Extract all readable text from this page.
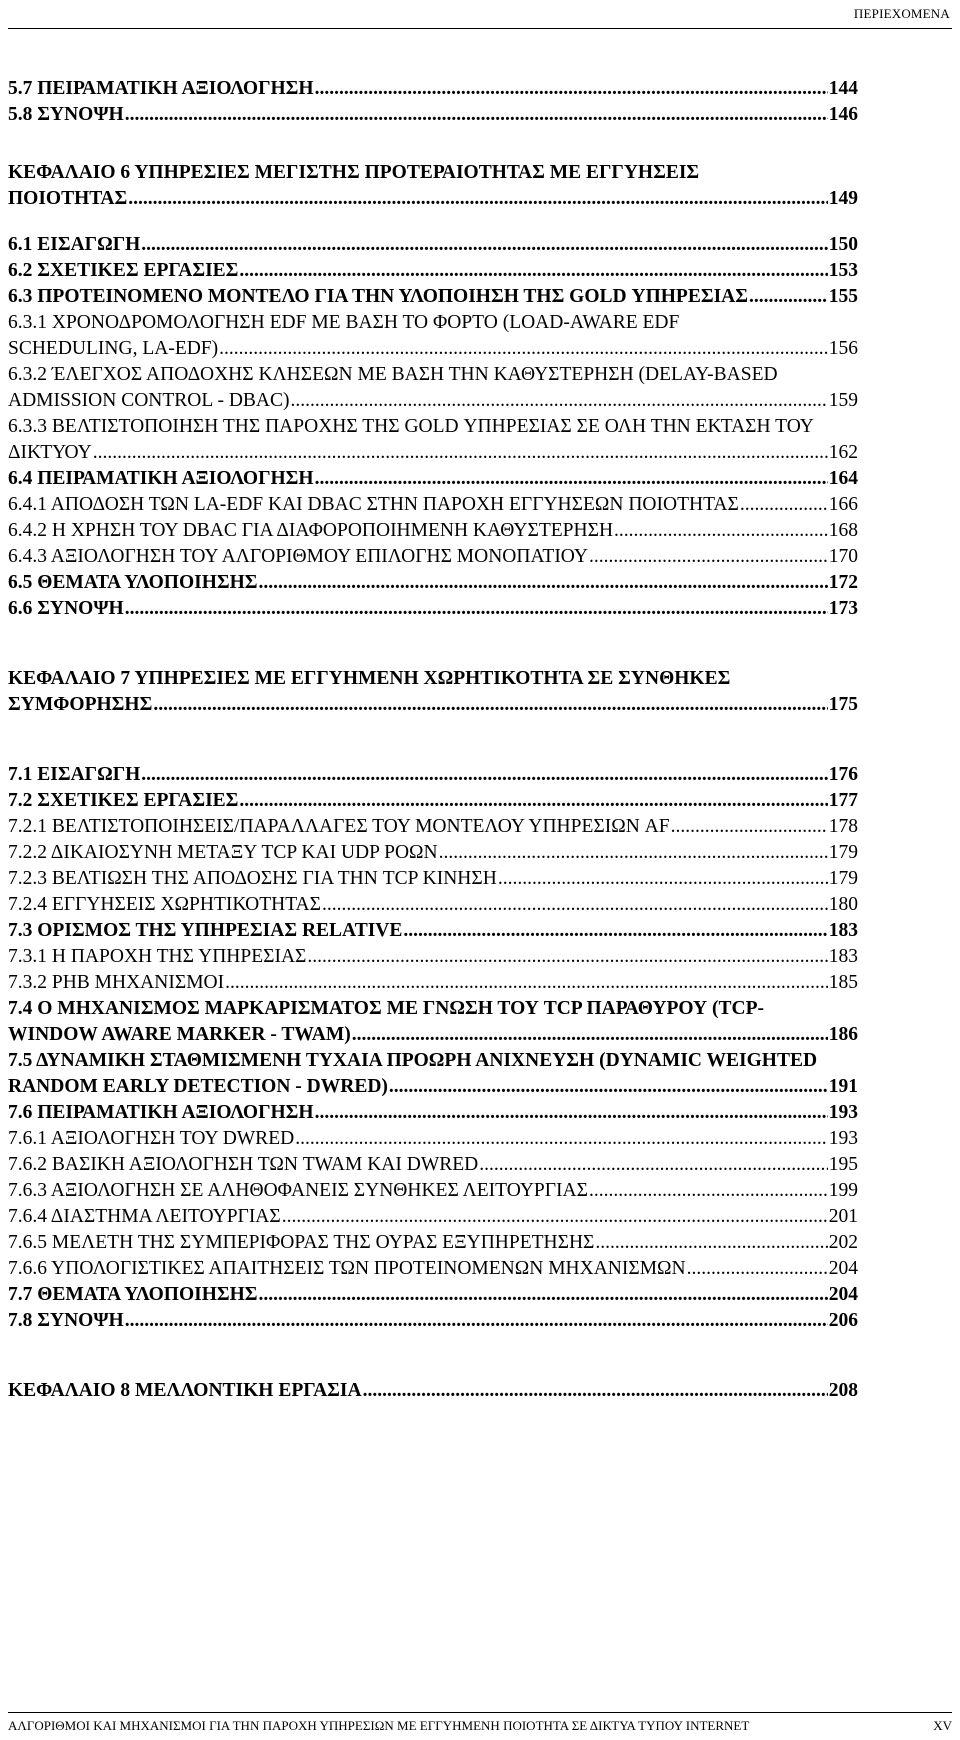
ΠΕΡΙΕΧΟΜΕΝΑ
5.7 ΠΕΙΡΑΜΑΤΙΚΗ ΑΞΙΟΛΟΓΗΣΗ .....	144
5.8 ΣΥΝΟΨΗ .....	146
ΚΕΦΑΛΑΙΟ 6 ΥΠΗΡΕΣΙΕΣ ΜΕΓΙΣΤΗΣ ΠΡΟΤΕΡΑΙΟΤΗΤΑΣ ΜΕ ΕΓΓΥΗΣΕΙΣ
ΠΟΙΟΤΗΤΑΣ .....	149
6.1 ΕΙΣΑΓΩΓΗ .....	150
6.2 ΣΧΕΤΙΚΕΣ ΕΡΓΑΣΙΕΣ .....	153
6.3 ΠΡΟΤΕΙΝΟΜΕΝΟ ΜΟΝΤΕΛΟ ΓΙΑ ΤΗΝ ΥΛΟΠΟΙΗΣΗ ΤΗΣ GOLD ΥΠΗΡΕΣΙΑΣ .....	155
6.3.1 ΧΡΟΝΟΔΡΟΜΟΛΟΓΗΣΗ EDF ΜΕ ΒΑΣΗ ΤΟ ΦΟΡΤΟ (LOAD-AWARE EDF
SCHEDULING, LA-EDF) .....	156
6.3.2 ΈΛΕΓΧΟΣ ΑΠΟΔΟΧΗΣ ΚΛΗΣΕΩΝ ΜΕ ΒΑΣΗ ΤΗΝ ΚΑΘΥΣΤΕΡΗΣΗ (DELAY-BASED
ADMISSION CONTROL - DBAC) .....	159
6.3.3 ΒΕΛΤΙΣΤΟΠΟΙΗΣΗ ΤΗΣ ΠΑΡΟΧΗΣ ΤΗΣ GOLD ΥΠΗΡΕΣΙΑΣ ΣΕ ΟΛΗ ΤΗΝ ΕΚΤΑΣΗ ΤΟΥ
ΔΙΚΤΥΟΥ .....	162
6.4 ΠΕΙΡΑΜΑΤΙΚΗ ΑΞΙΟΛΟΓΗΣΗ .....	164
6.4.1 ΑΠΟΔΟΣΗ ΤΩΝ LA-EDF ΚΑΙ DBAC ΣΤΗΝ ΠΑΡΟΧΗ ΕΓΓΥΗΣΕΩΝ ΠΟΙΟΤΗΤΑΣ .....	166
6.4.2 Η ΧΡΗΣΗ ΤΟΥ DBAC ΓΙΑ ΔΙΑΦΟΡΟΠΟΙΗΜΕΝΗ ΚΑΘΥΣΤΕΡΗΣΗ .....	168
6.4.3 ΑΞΙΟΛΟΓΗΣΗ ΤΟΥ ΑΛΓΟΡΙΘΜΟΥ ΕΠΙΛΟΓΗΣ ΜΟΝΟΠΑΤΙΟΥ .....	170
6.5 ΘΕΜΑΤΑ ΥΛΟΠΟΙΗΣΗΣ .....	172
6.6 ΣΥΝΟΨΗ .....	173
ΚΕΦΑΛΑΙΟ 7 ΥΠΗΡΕΣΙΕΣ ΜΕ ΕΓΓΥΗΜΕΝΗ ΧΩΡΗΤΙΚΟΤΗΤΑ ΣΕ ΣΥΝΘΗΚΕΣ
ΣΥΜΦΟΡΗΣΗΣ .....	175
7.1 ΕΙΣΑΓΩΓΗ .....	176
7.2 ΣΧΕΤΙΚΕΣ ΕΡΓΑΣΙΕΣ .....	177
7.2.1 ΒΕΛΤΙΣΤΟΠΟΙΗΣΕΙΣ/ΠΑΡΑΛΛΑΓΕΣ ΤΟΥ ΜΟΝΤΕΛΟΥ ΥΠΗΡΕΣΙΩΝ AF .....	178
7.2.2 ΔΙΚΑΙΟΣΥΝΗ ΜΕΤΑΞΥ TCP ΚΑΙ UDP ΡΟΩΝ .....	179
7.2.3 ΒΕΛΤΙΩΣΗ ΤΗΣ ΑΠΟΔΟΣΗΣ ΓΙΑ ΤΗΝ TCP ΚΙΝΗΣΗ .....	179
7.2.4 ΕΓΓΥΗΣΕΙΣ ΧΩΡΗΤΙΚΟΤΗΤΑΣ .....	180
7.3 ΟΡΙΣΜΟΣ ΤΗΣ ΥΠΗΡΕΣΙΑΣ RELATIVE .....	183
7.3.1 Η ΠΑΡΟΧΗ ΤΗΣ ΥΠΗΡΕΣΙΑΣ .....	183
7.3.2 PHB ΜΗΧΑΝΙΣΜΟΙ .....	185
7.4 Ο ΜΗΧΑΝΙΣΜΟΣ ΜΑΡΚΑΡΙΣΜΑΤΟΣ ΜΕ ΓΝΩΣΗ ΤΟΥ TCP ΠΑΡΑΘΥΡΟΥ (TCP-
WINDOW AWARE MARKER - TWAM) .....	186
7.5 ΔΥΝΑΜΙΚΗ ΣΤΑΘΜΙΣΜΕΝΗ ΤΥΧΑΙΑ ΠΡΟΩΡΗ ΑΝΙΧΝΕΥΣΗ (DYNAMIC WEIGHTED
RANDOM EARLY DETECTION - DWRED) .....	191
7.6 ΠΕΙΡΑΜΑΤΙΚΗ ΑΞΙΟΛΟΓΗΣΗ .....	193
7.6.1 ΑΞΙΟΛΟΓΗΣΗ ΤΟΥ DWRED .....	193
7.6.2 ΒΑΣΙΚΗ ΑΞΙΟΛΟΓΗΣΗ ΤΩΝ TWAM ΚΑΙ DWRED .....	195
7.6.3 ΑΞΙΟΛΟΓΗΣΗ ΣΕ ΑΛΗΘΟΦΑΝΕΙΣ ΣΥΝΘΗΚΕΣ ΛΕΙΤΟΥΡΓΙΑΣ .....	199
7.6.4 ΔΙΑΣΤΗΜΑ ΛΕΙΤΟΥΡΓΙΑΣ .....	201
7.6.5 ΜΕΛΕΤΗ ΤΗΣ ΣΥΜΠΕΡΙΦΟΡΑΣ ΤΗΣ ΟΥΡΑΣ ΕΞΥΠΗΡΕΤΗΣΗΣ .....	202
7.6.6 ΥΠΟΛΟΓΙΣΤΙΚΕΣ ΑΠΑΙΤΗΣΕΙΣ ΤΩΝ ΠΡΟΤΕΙΝΟΜΕΝΩΝ ΜΗΧΑΝΙΣΜΩΝ .....	204
7.7 ΘΕΜΑΤΑ ΥΛΟΠΟΙΗΣΗΣ .....	204
7.8 ΣΥΝΟΨΗ .....	206
ΚΕΦΑΛΑΙΟ 8 ΜΕΛΛΟΝΤΙΚΗ ΕΡΓΑΣΙΑ .....	208
ΑΛΓΟΡΙΘΜΟΙ ΚΑΙ ΜΗΧΑΝΙΣΜΟΙ ΓΙΑ ΤΗΝ ΠΑΡΟΧΗ ΥΠΗΡΕΣΙΩΝ ΜΕ ΕΓΓΥΗΜΕΝΗ ΠΟΙΟΤΗΤΑ ΣΕ ΔΙΚΤΥΑ ΤΥΠΟΥ INTERNET	XV
